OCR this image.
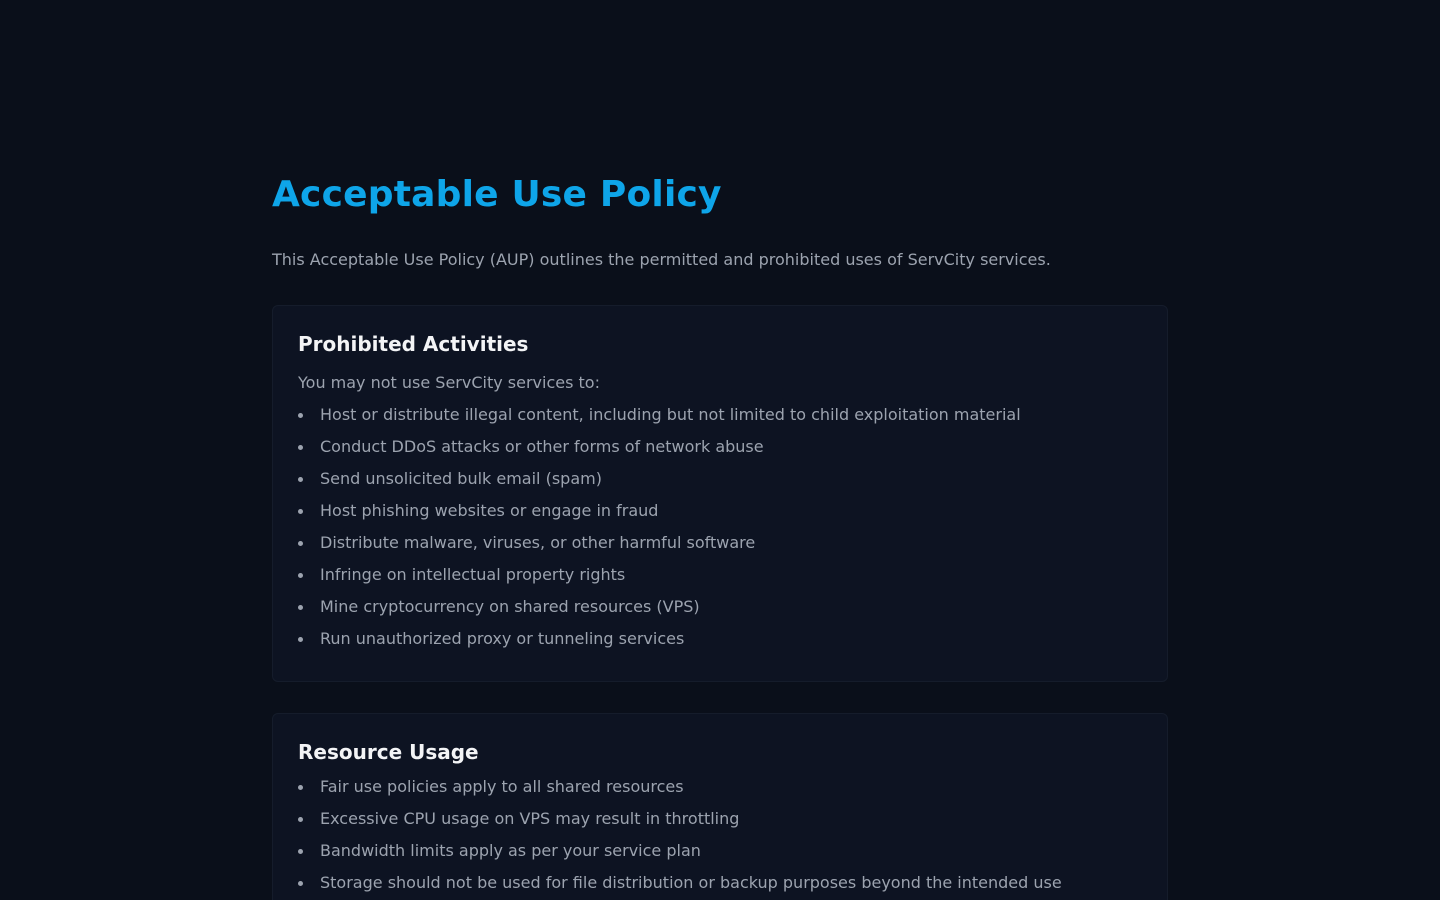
Acceptable Use Policy

This Acceptable Use Policy (AUP) outlines the permitted and prohibited uses of ServCity services.

Prohibited Activities

You may not use ServCity services to:

Host or distribute illegal content, including but not limited to child exploitation material
Conduct DDoS attacks or other forms of network abuse
Send unsolicited bulk email (spam)
Host phishing websites or engage in fraud
Distribute malware, viruses, or other harmful software
Infringe on intellectual property rights
Mine cryptocurrency on shared resources (VPS)
Run unauthorized proxy or tunneling services
Resource Usage
Fair use policies apply to all shared resources
Excessive CPU usage on VPS may result in throttling
Bandwidth limits apply as per your service plan
Storage should not be used for file distribution or backup purposes beyond the intended use
